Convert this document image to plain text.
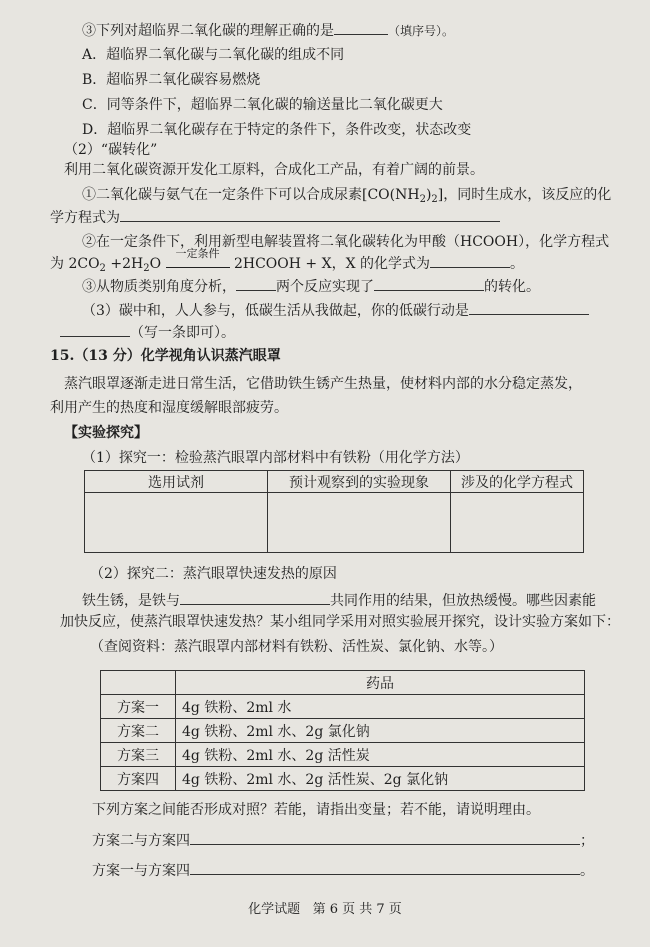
③下列对超临界二氧化碳的理解正确的是	（填序号）。
A．超临界二氧化碳与二氧化碳的组成不同
B．超临界二氧化碳容易燃烧
C．同等条件下，超临界二氧化碳的输送量比二氧化碳更大
D．超临界二氧化碳存在于特定的条件下，条件改变，状态改变
（2）“碳转化”
利用二氧化碳资源开发化工原料，合成化工产品，有着广阔的前景。
①二氧化碳与氨气在一定条件下可以合成尿素$[CO(NH_2)_2]$，同时生成水，该反应的化
学方程式为
②在一定条件下，利用新型电解装置将二氧化碳转化为甲酸（HCOOH），化学方程式
为 $2CO_2 +2H_2O$
一定条件
2HCOOH + X，X 的化学式为	。
③从物质类别角度分析，	两个反应实现了	的转化。
（3）碳中和，人人参与，低碳生活从我做起，你的低碳行动是
（写一条即可）。
15.（13 分）化学视角认识蒸汽眼罩
蒸汽眼罩逐渐走进日常生活，它借助铁生锈产生热量，使材料内部的水分稳定蒸发，
利用产生的热度和湿度缓解眼部疲劳。
【实验探究】
（1）探究一：检验蒸汽眼罩内部材料中有铁粉（用化学方法）
选用试剂	预计观察到的实验现象	涉及的化学方程式

（2）探究二：蒸汽眼罩快速发热的原因
铁生锈，是铁与	共同作用的结果，但放热缓慢。哪些因素能
加快反应，使蒸汽眼罩快速发热？某小组同学采用对照实验展开探究，设计实验方案如下：
（查阅资料：蒸汽眼罩内部材料有铁粉、活性炭、氯化钠、水等。）
	药品
方案一	4g 铁粉、2ml 水
方案二	4g 铁粉、2ml 水、2g 氯化钠
方案三	4g 铁粉、2ml 水、2g 活性炭
方案四	4g 铁粉、2ml 水、2g 活性炭、2g 氯化钠
下列方案之间能否形成对照？若能，请指出变量；若不能，请说明理由。
方案二与方案四	；
方案一与方案四	。
化学试题 第 6 页 共 7 页
